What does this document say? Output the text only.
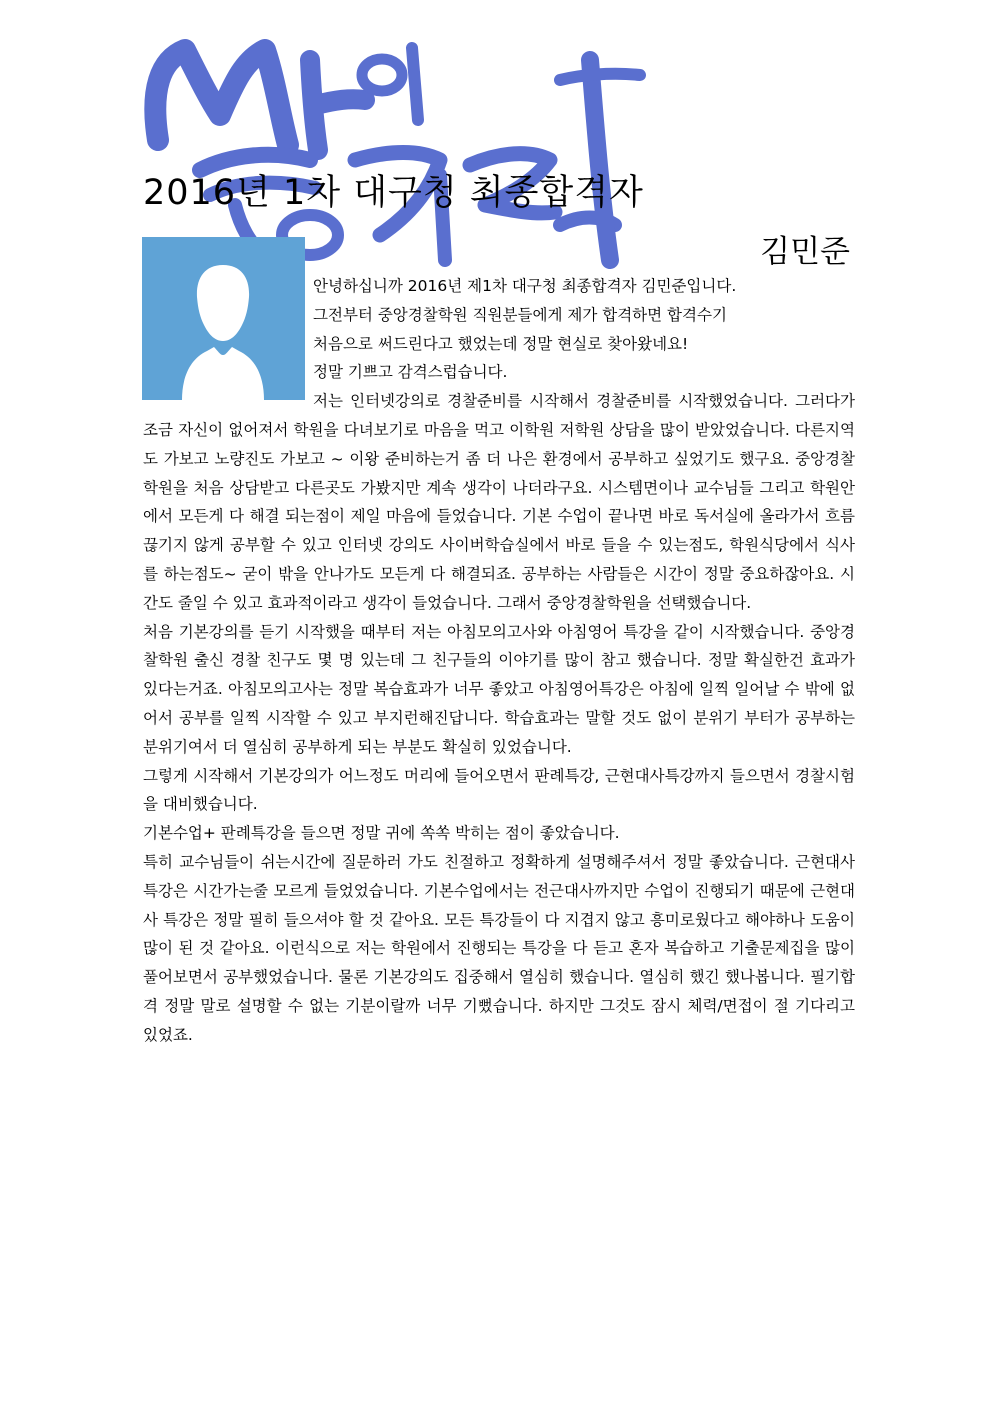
2016년 1차 대구청 최종합격자
김민준
안녕하십니까 2016년 제1차 대구청 최종합격자 김민준입니다.
그전부터 중앙경찰학원 직원분들에게 제가 합격하면 합격수기
처음으로 써드린다고 했었는데 정말 현실로 찾아왔네요!
정말 기쁘고 감격스럽습니다.

저는 인터넷강의로 경찰준비를 시작해서 경찰준비를 시작했었습니다. 그러다가 조금 자신이 없어져서 학원을 다녀보기로 마음을 먹고 이학원 저학원 상담을 많이 받았었습니다. 다른지역도 가보고 노량진도 가보고 ~ 이왕 준비하는거 좀 더 나은 환경에서 공부하고 싶었기도 했구요. 중앙경찰학원을 처음 상담받고 다른곳도 가봤지만 계속 생각이 나더라구요. 시스템면이나 교수님들 그리고 학원안에서 모든게 다 해결 되는점이 제일 마음에 들었습니다. 기본 수업이 끝나면 바로 독서실에 올라가서 흐름끊기지 않게 공부할 수 있고 인터넷 강의도 사이버학습실에서 바로 들을 수 있는점도, 학원식당에서 식사를 하는점도~ 굳이 밖을 안나가도 모든게 다 해결되죠. 공부하는 사람들은 시간이 정말 중요하잖아요. 시간도 줄일 수 있고 효과적이라고 생각이 들었습니다. 그래서 중앙경찰학원을 선택했습니다.

처음 기본강의를 듣기 시작했을 때부터 저는 아침모의고사와 아침영어 특강을 같이 시작했습니다. 중앙경찰학원 출신 경찰 친구도 몇 명 있는데 그 친구들의 이야기를 많이 참고 했습니다. 정말 확실한건 효과가 있다는거죠. 아침모의고사는 정말 복습효과가 너무 좋았고 아침영어특강은 아침에 일찍 일어날 수 밖에 없어서 공부를 일찍 시작할 수 있고 부지런해진답니다. 학습효과는 말할 것도 없이 분위기 부터가 공부하는 분위기여서 더 열심히 공부하게 되는 부분도 확실히 있었습니다.

그렇게 시작해서 기본강의가 어느정도 머리에 들어오면서 판례특강, 근현대사특강까지 들으면서 경찰시험을 대비했습니다.

기본수업+ 판례특강을 들으면 정말 귀에 쏙쏙 박히는 점이 좋았습니다.

특히 교수님들이 쉬는시간에 질문하러 가도 친절하고 정확하게 설명해주셔서 정말 좋았습니다. 근현대사특강은 시간가는줄 모르게 들었었습니다. 기본수업에서는 전근대사까지만 수업이 진행되기 때문에 근현대사 특강은 정말 필히 들으셔야 할 것 같아요. 모든 특강들이 다 지겹지 않고 흥미로웠다고 해야하나 도움이 많이 된 것 같아요. 이런식으로 저는 학원에서 진행되는 특강을 다 듣고 혼자 복습하고 기출문제집을 많이 풀어보면서 공부했었습니다. 물론 기본강의도 집중해서 열심히 했습니다. 열심히 했긴 했나봅니다. 필기합격 정말 말로 설명할 수 없는 기분이랄까 너무 기뻤습니다. 하지만 그것도 잠시 체력/면접이 절 기다리고 있었죠.
